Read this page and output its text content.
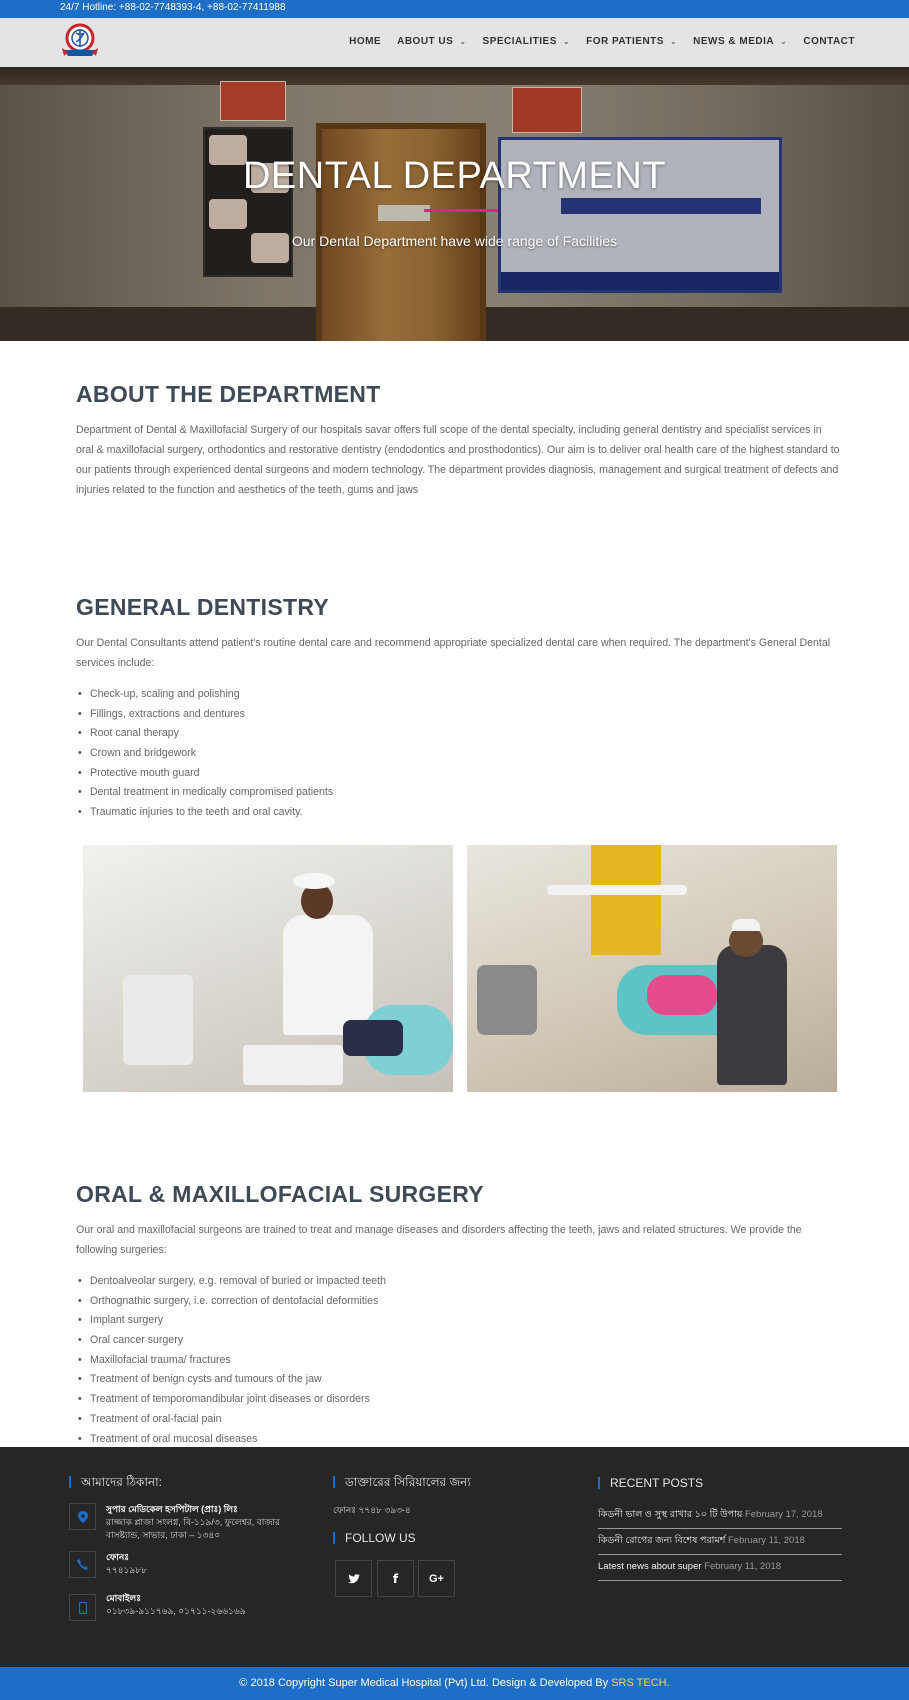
24/7 Hotline: +88-02-7748393-4, +88-02-77411988
HOME ABOUT US ⌄ SPECIALITIES ⌄ FOR PATIENTS ⌄ NEWS & MEDIA ⌄ CONTACT
DENTAL DEPARTMENT
Our Dental Department have wide range of Facilities
ABOUT THE DEPARTMENT

Department of Dental & Maxillofacial Surgery of our hospitals savar offers full scope of the dental specialty, including general dentistry and specialist services in oral & maxillofacial surgery, orthodontics and restorative dentistry (endodontics and prosthodontics). Our aim is to deliver oral health care of the highest standard to our patients through experienced dental surgeons and modern technology. The department provides diagnosis, management and surgical treatment of defects and injuries related to the function and aesthetics of the teeth, gums and jaws

GENERAL DENTISTRY

Our Dental Consultants attend patient's routine dental care and recommend appropriate specialized dental care when required. The department's General Dental services include:

• Check-up, scaling and polishing
• Fillings, extractions and dentures
• Root canal therapy
• Crown and bridgework
• Protective mouth guard
• Dental treatment in medically compromised patients
• Traumatic injuries to the teeth and oral cavity.
ORAL & MAXILLOFACIAL SURGERY

Our oral and maxillofacial surgeons are trained to treat and manage diseases and disorders affecting the teeth, jaws and related structures. We provide the following surgeries:

• Dentoalveolar surgery, e.g. removal of buried or impacted teeth
• Orthognathic surgery, i.e. correction of dentofacial deformities
• Implant surgery
• Oral cancer surgery
• Maxillofacial trauma/ fractures
• Treatment of benign cysts and tumours of the jaw
• Treatment of temporomandibular joint diseases or disorders
• Treatment of oral-facial pain
• Treatment of oral mucosal diseases
আমাদের ঠিকানা:
সুপার মেডিকেল হসপিটাল (প্রাঃ) লিঃ
রাজ্জাক প্লাজা সংলগ্ন, বি-১১৯/৩, ফুলেশ্বর, বাজার বাসষ্ট্যান্ড, সাভার, ঢাকা – ১৩৪০
ফোনঃ
৭৭৪১৯৮৮
মোবাইলঃ
০১৮৩৯-৯১১৭৬৯, ০১৭১১-২৬৬১৬৯
ডাক্তারের সিরিয়ালের জন্য
ফোনঃ ৭৭৪৮ ৩৯৩-৪
FOLLOW US
f	G+
RECENT POSTS
কিডনী ভাল ও সুস্থ রাখার ১০ টি উপায় February 17, 2018
কিডনী রোগের জন্য বিশেষ পরামর্শ February 11, 2018
Latest news about super February 11, 2018
© 2018 Copyright Super Medical Hospital (Pvt) Ltd. Design & Developed By SRS TECH.
